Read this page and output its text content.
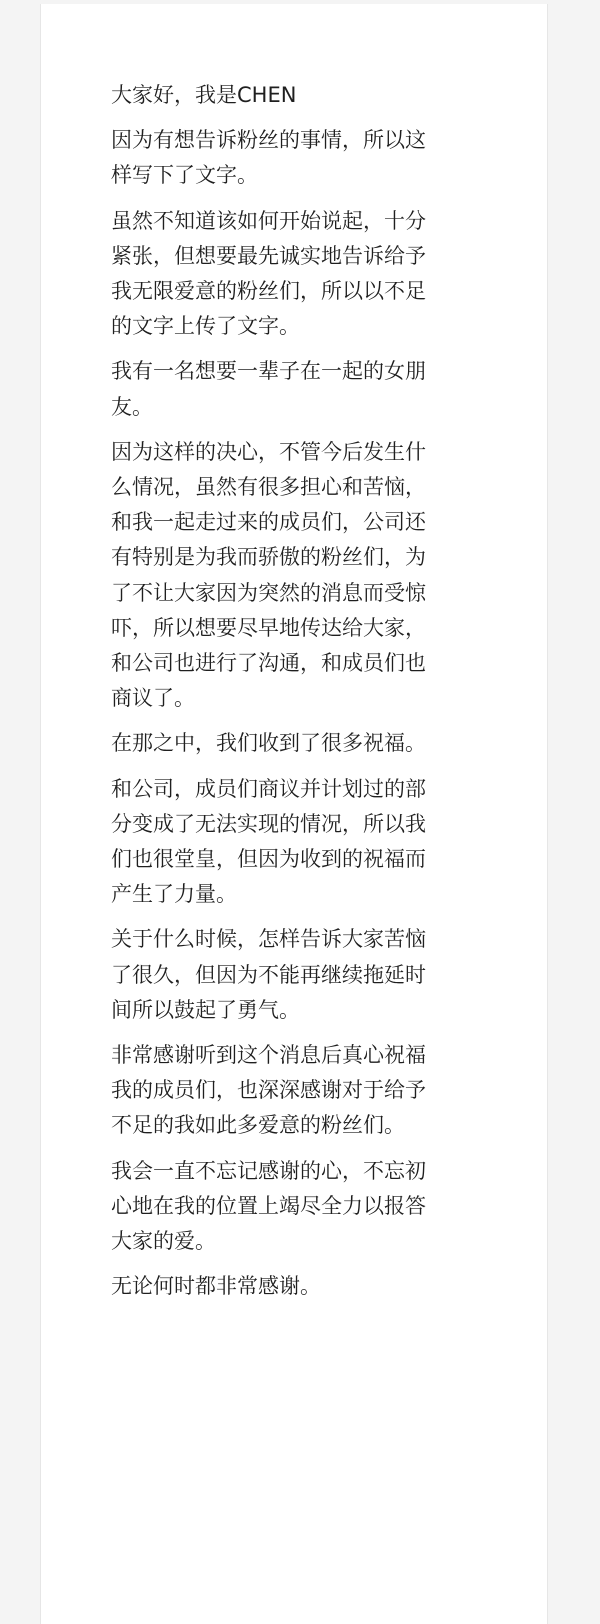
大家好，我是CHEN

因为有想告诉粉丝的事情，所以这
样写下了文字。

虽然不知道该如何开始说起，十分
紧张，但想要最先诚实地告诉给予
我无限爱意的粉丝们，所以以不足
的文字上传了文字。

我有一名想要一辈子在一起的女朋
友。

因为这样的决心，不管今后发生什
么情况，虽然有很多担心和苦恼，
和我一起走过来的成员们，公司还
有特别是为我而骄傲的粉丝们，为
了不让大家因为突然的消息而受惊
吓，所以想要尽早地传达给大家，
和公司也进行了沟通，和成员们也
商议了。

在那之中，我们收到了很多祝福。

和公司，成员们商议并计划过的部
分变成了无法实现的情况，所以我
们也很堂皇，但因为收到的祝福而
产生了力量。

关于什么时候，怎样告诉大家苦恼
了很久，但因为不能再继续拖延时
间所以鼓起了勇气。

非常感谢听到这个消息后真心祝福
我的成员们，也深深感谢对于给予
不足的我如此多爱意的粉丝们。

我会一直不忘记感谢的心，不忘初
心地在我的位置上竭尽全力以报答
大家的爱。

无论何时都非常感谢。
